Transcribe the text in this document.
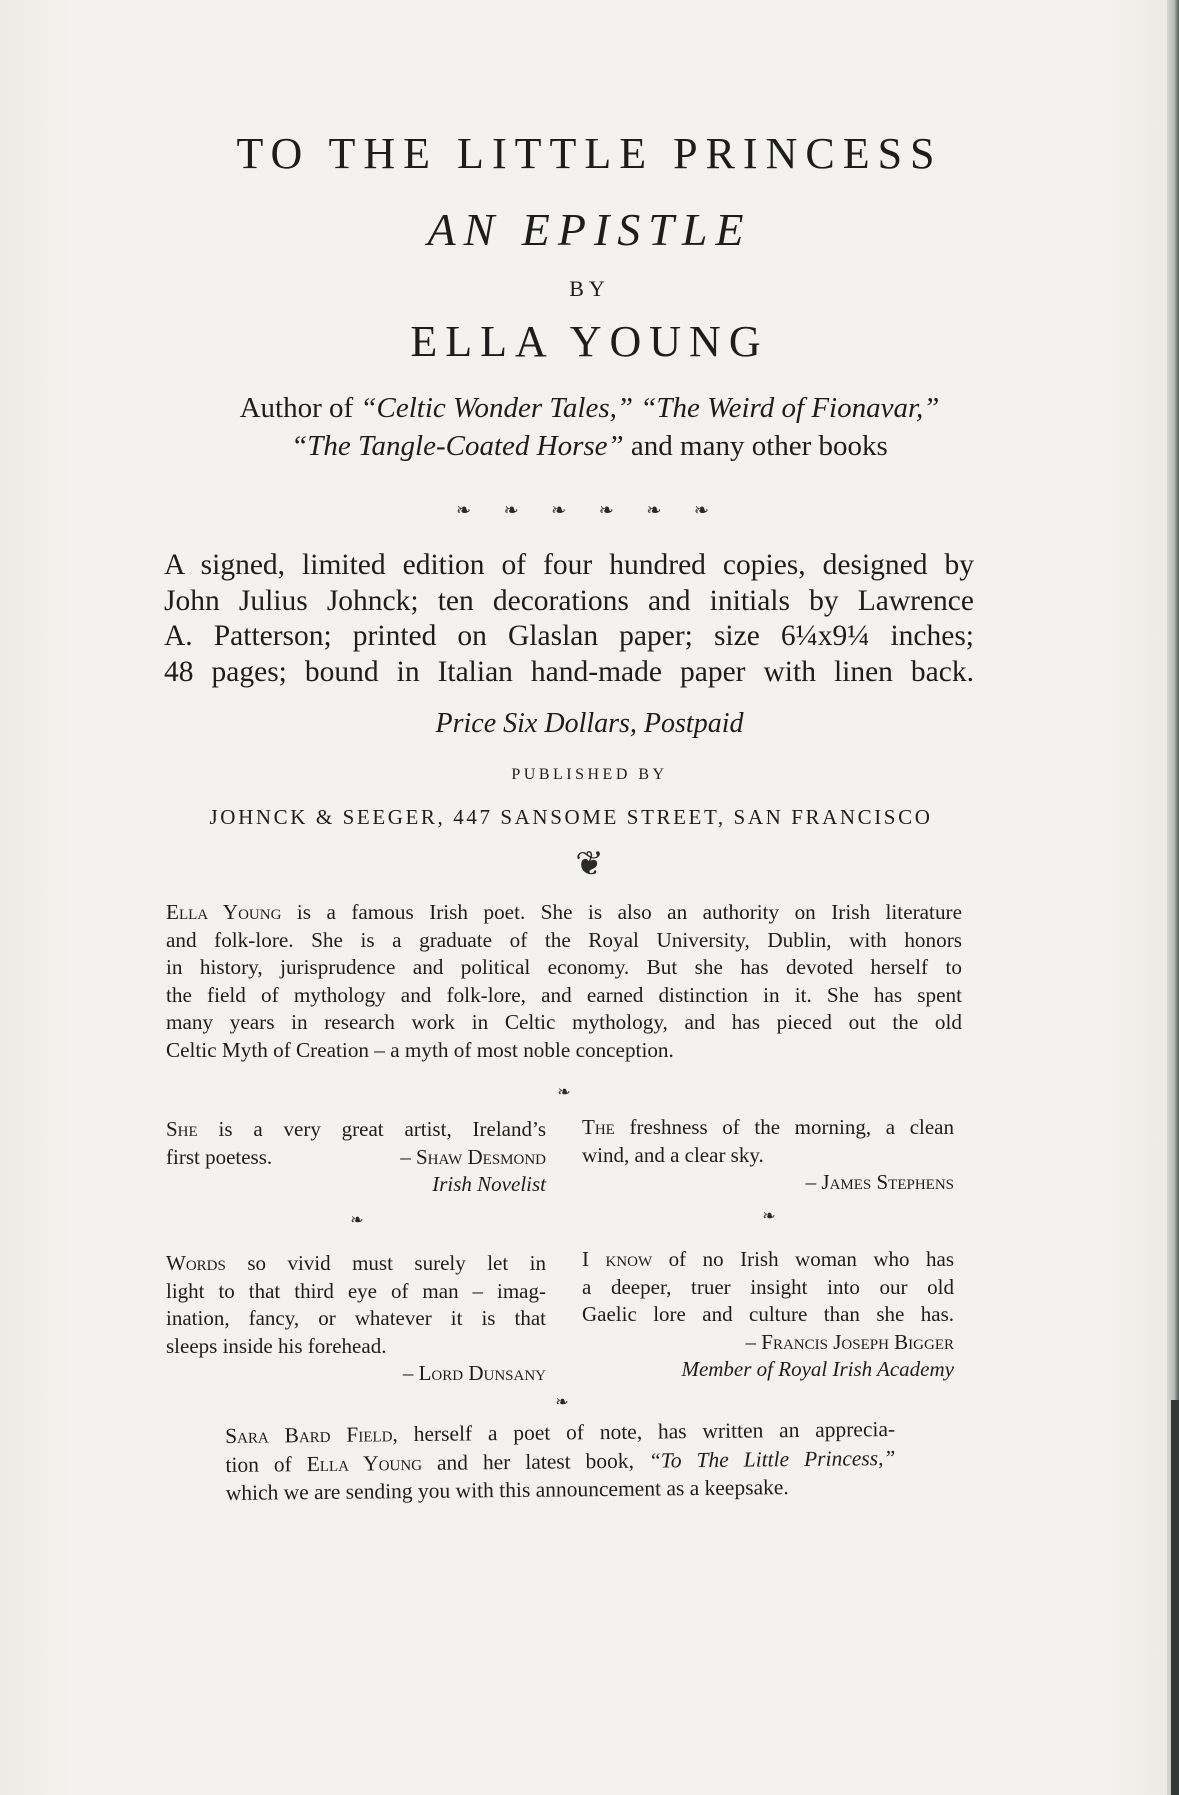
TO THE LITTLE PRINCESS
AN EPISTLE
BY
ELLA YOUNG
Author of “Celtic Wonder Tales,” “The Weird of Fionavar,”
“The Tangle-Coated Horse” and many other books
❧ ❧ ❧ ❧ ❧ ❧
A signed, limited edition of four hundred copies, designed by
John Julius Johnck; ten decorations and initials by Lawrence
A. Patterson; printed on Glaslan paper; size 6¼x9¼ inches;
48 pages; bound in Italian hand-made paper with linen back.
Price Six Dollars, Postpaid
PUBLISHED BY
JOHNCK & SEEGER, 447 SANSOME STREET, SAN FRANCISCO
❦
Ella Young is a famous Irish poet. She is also an authority on Irish literature
and folk-lore. She is a graduate of the Royal University, Dublin, with honors
in history, jurisprudence and political economy. But she has devoted herself to
the field of mythology and folk-lore, and earned distinction in it. She has spent
many years in research work in Celtic mythology, and has pieced out the old
Celtic Myth of Creation – a myth of most noble conception.
❧
She is a very great artist, Ireland’s
first poetess.	– Shaw Desmond
Irish Novelist
The freshness of the morning, a clean
wind, and a clear sky.
– James Stephens
❧	❧
Words so vivid must surely let in
light to that third eye of man – imag-
ination, fancy, or whatever it is that
sleeps inside his forehead.
– Lord Dunsany
I know of no Irish woman who has
a deeper, truer insight into our old
Gaelic lore and culture than she has.
– Francis Joseph Bigger
Member of Royal Irish Academy
❧
Sara Bard Field, herself a poet of note, has written an apprecia-
tion of Ella Young and her latest book, “To The Little Princess,”
which we are sending you with this announcement as a keepsake.
